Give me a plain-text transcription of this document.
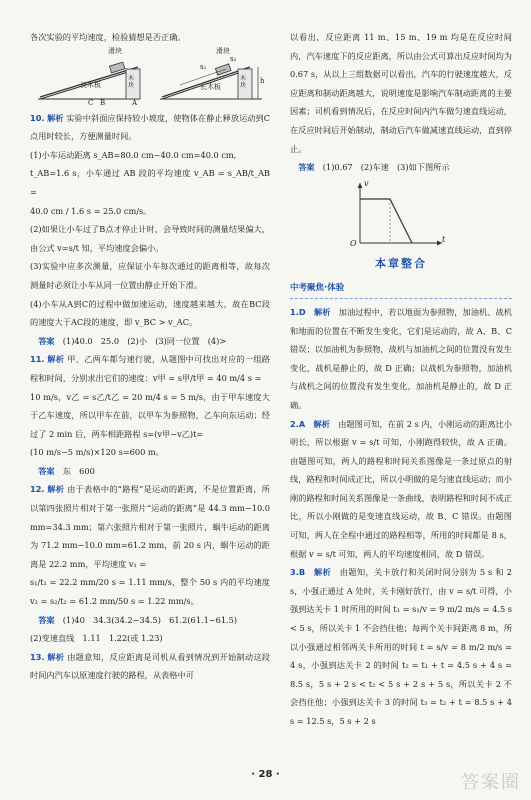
各次实验的平均速度，检验猜想是否正确。

滑块	滑块
长木板	长木板
木块
木块
C B	A
s₁
s₂
h

10. 解析 实验中斜面应保持较小坡度，使物体在静止释放运动到C点用时较长，方便测量时间。

(1)小车运动距离 s_AB=80.0 cm−40.0 cm=40.0 cm,

t_AB=1.6 s，小车通过 AB 段的平均速度 v_AB = s_AB/t_AB =

40.0 cm / 1.6 s = 25.0 cm/s。

(2)如果让小车过了B点才停止计时，会导致时间的测量结果偏大，由公式 v=s/t 知，平均速度会偏小。

(3)实验中应多次测量，应保证小车每次通过的距离相等，故每次测量时必须让小车从同一位置由静止开始下滑。

(4)小车从A到C的过程中做加速运动，速度越来越大，故在BC段的速度大于AC段的速度，即 v_BC > v_AC。

　答案　 (1)40.0　25.0　(2)小　(3)同一位置　(4)>

11. 解析 甲、乙两车都匀速行驶，从题图中可找出对应的一组路程和时间，分别求出它们的速度：v甲 = s甲/t甲 = 40 m/4 s =

10 m/s，v乙 = s乙/t乙 = 20 m/4 s = 5 m/s，由于甲车速度大于乙车速度，所以甲车在前，以甲车为参照物，乙车向东运动；经过了 2 min 后，两车相距路程 s=(v甲−v乙)t=

(10 m/s−5 m/s)×120 s=600 m。

　答案　 东　600

12. 解析 由于表格中的“路程”是运动的距离，不是位置距离，所以第四张照片相对于第一张照片“运动的距离”是 44.3 mm−10.0 mm=34.3 mm；第六张照片相对于第一张照片，蜗牛运动的距离为 71.2 mm−10.0 mm=61.2 mm，前 20 s 内，蜗牛运动的距离是 22.2 mm，平均速度 v₁ =

s₁/t₁ = 22.2 mm/20 s = 1.11 mm/s，整个 50 s 内的平均速度 v₂ = s₂/t₂ = 61.2 mm/50 s = 1.22 mm/s。

　答案　 (1)40　34.3(34.2~34.5)　61.2(61.1~61.5)

(2)变速直线　1.11　1.22(或 1.23)

13. 解析 由题意知，反应距离是司机从看到情况到开始制动这段时间内汽车以原速度行驶的路程，从表格中可

以看出，反应距离 11 m、15 m、19 m 均是在反应时间内，汽车速度下的反应距离，所以由公式可算出反应时间均为 0.67 s，从以上三组数据可以看出，汽车的行驶速度越大，反应距离和制动距离越大，说明速度是影响汽车制动距离的主要因素；司机看到情况后，在反应时间内汽车做匀速直线运动，在反应时间后开始制动，制动后汽车做减速直线运动，直到停止。

　答案　 (1)0.67　(2)车速　(3)如下图所示

v
t
O
本章整合
中考聚焦·体验

1.D　 解析　 加油过程中，若以地面为参照物，加油机、战机和地面的位置在不断发生变化，它们是运动的，故 A、B、C 错误；以加油机为参照物，战机与加油机之间的位置没有发生变化，战机是静止的，故 D 正确；以战机为参照物，加油机与战机之间的位置没有发生变化，加油机是静止的，故 D 正确。

2.A　 解析　 由题图可知，在前 2 s 内，小刚运动的距离比小明长，所以根据 v = s/t 可知，小刚跑得较快，故 A 正确。由题图可知，两人的路程和时间关系图像是一条过原点的射线，路程和时间成正比，所以小明做的是匀速直线运动；而小刚的路程和时间关系图像是一条曲线，表明路程和时间不成正比，所以小刚做的是变速直线运动，故 B、C 错误。由题图可知，两人在全程中通过的路程相等，所用的时间都是 8 s，根据 v = s/t 可知，两人的平均速度相同，故 D 错误。

3.B　 解析　 由题知，关卡放行和关闭时间分别为 5 s 和 2 s，小强正通过 A 处时，关卡刚好放行，由 v = s/t 可得，小强到达关卡 1 时所用的时间 t₁ = s₁/v = 9 m/2 m/s = 4.5 s < 5 s，所以关卡 1 不会挡住他；每两个关卡间距离 8 m，所以小强通过相邻两关卡所用的时间 t = s/v = 8 m/2 m/s = 4 s，小强到达关卡 2 的时间 t₂ = t₁ + t = 4.5 s + 4 s = 8.5 s，5 s + 2 s < t₂ < 5 s + 2 s + 5 s，所以关卡 2 不会挡住他；小强到达关卡 3 的时间 t₃ = t₂ + t = 8.5 s + 4 s = 12.5 s，5 s + 2 s

· 28 ·	答案圈
